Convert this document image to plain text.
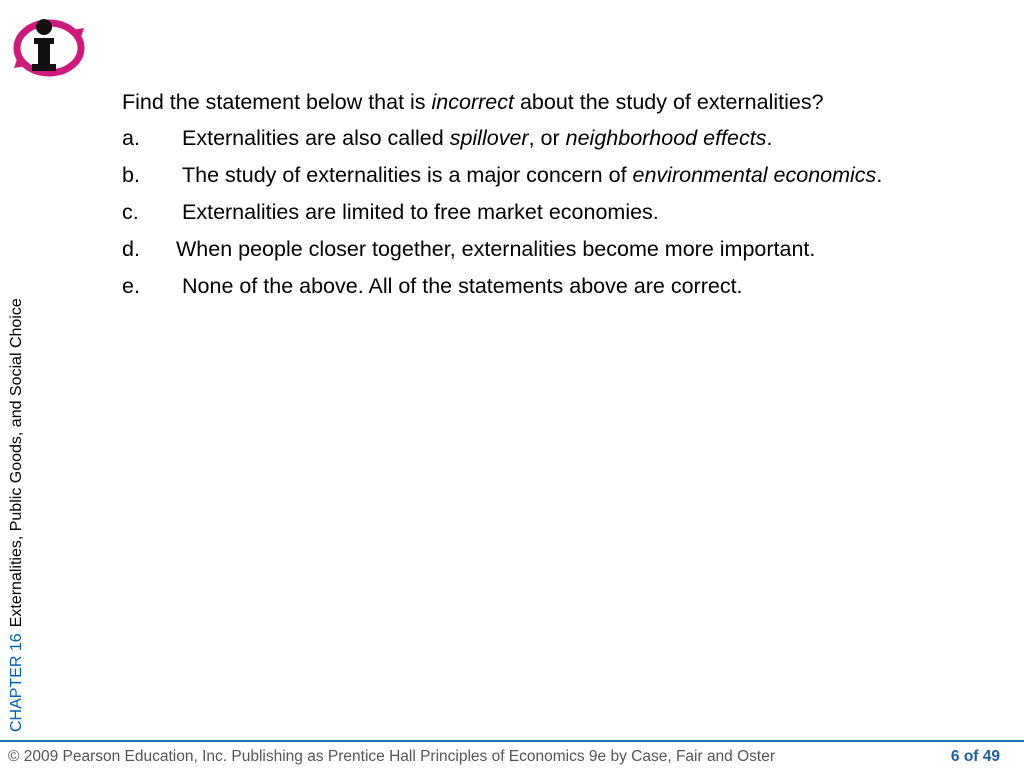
CHAPTER 16Externalities, Public Goods, and Social Choice

Find the statement below that is incorrect about the study of externalities?

a.	Externalities are also called spillover, or neighborhood effects.
b.	The study of externalities is a major concern of environmental economics.
c.	Externalities are limited to free market economies.
d.	When people closer together, externalities become more important.
e.	None of the above. All of the statements above are correct.
© 2009 Pearson Education, Inc. Publishing as Prentice Hall Principles of Economics 9e by Case, Fair and Oster	6 of 49
